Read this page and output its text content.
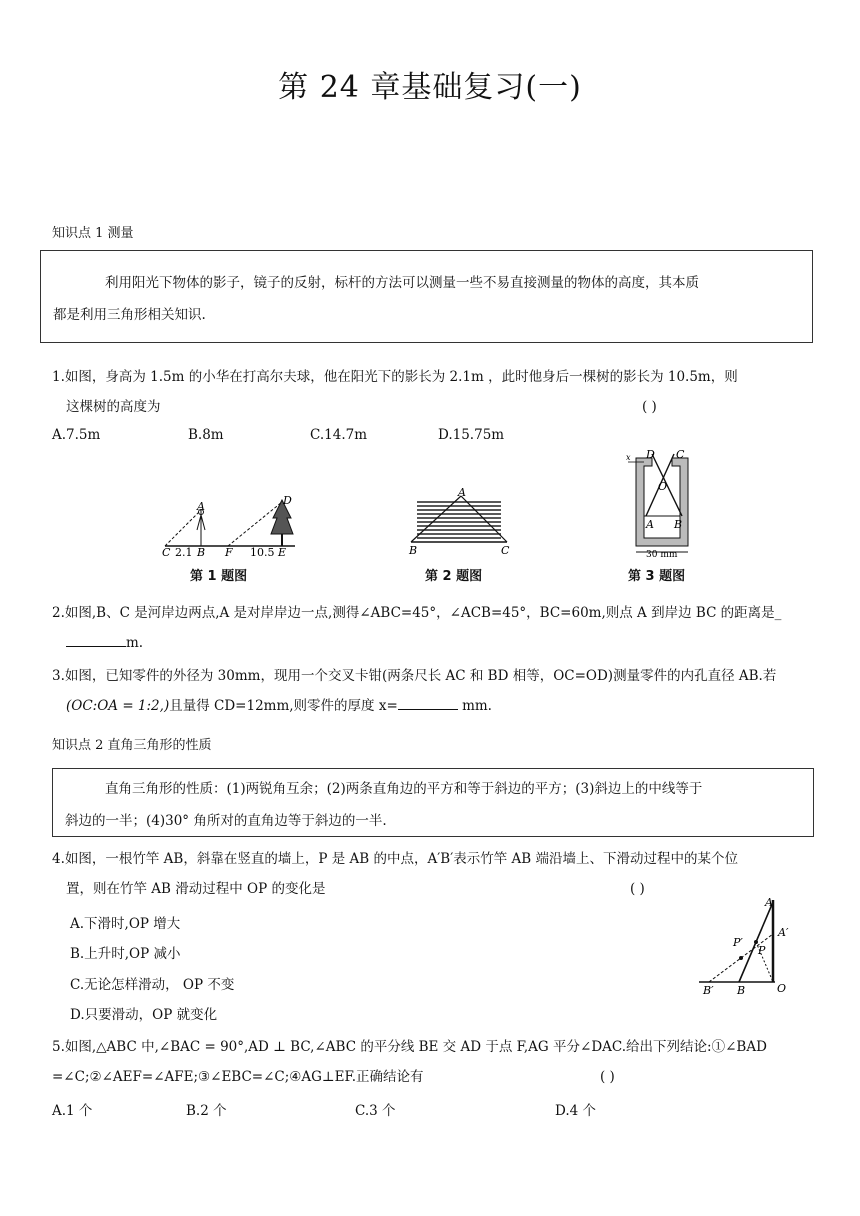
第 24 章基础复习(一)
知识点 1 测量

利用阳光下物体的影子，镜子的反射，标杆的方法可以测量一些不易直接测量的物体的高度，其本质

都是利用三角形相关知识.

1.如图，身高为 1.5m 的小华在打高尔夫球，他在阳光下的影长为 2.1m ，此时他身后一棵树的影长为 10.5m，则

这棵树的高度为	( )

A.7.5m	B.8m	C.14.7m	D.15.75m
A	D
C 2.1 B F 10.5 E
第 1 题图
A
B	C
第 2 题图
D C
O
A B
x
30 mm
第 3 题图

2.如图,B、C 是河岸边两点,A 是对岸岸边一点,测得∠ABC=45°，∠ACB=45°，BC=60m,则点 A 到岸边 BC 的距离是_

m.

3.如图，已知零件的外径为 30mm，现用一个交叉卡钳(两条尺长 AC 和 BD 相等，OC=OD)测量零件的内孔直径 AB.若

(OC:OA = 1:2,)且量得 CD=12mm,则零件的厚度 x=	mm.

知识点 2 直角三角形的性质

直角三角形的性质：(1)两锐角互余；(2)两条直角边的平方和等于斜边的平方；(3)斜边上的中线等于

斜边的一半；(4)30° 角所对的直角边等于斜边的一半.

4.如图，一根竹竿 AB，斜靠在竖直的墙上，P 是 AB 的中点，A′B′表示竹竿 AB 端沿墙上、下滑动过程中的某个位

置，则在竹竿 AB 滑动过程中 OP 的变化是	( )

A.下滑时,OP 增大
B.上升时,OP 减小
C.无论怎样滑动， OP 不变
D.只要滑动，OP 就变化
A
A′
P
P′
B′ B	O

5.如图,△ABC 中,∠BAC = 90°,AD ⊥ BC,∠ABC 的平分线 BE 交 AD 于点 F,AG 平分∠DAC.给出下列结论:①∠BAD

=∠C;②∠AEF=∠AFE;③∠EBC=∠C;④AG⊥EF.正确结论有	( )

A.1 个	B.2 个	C.3 个	D.4 个
